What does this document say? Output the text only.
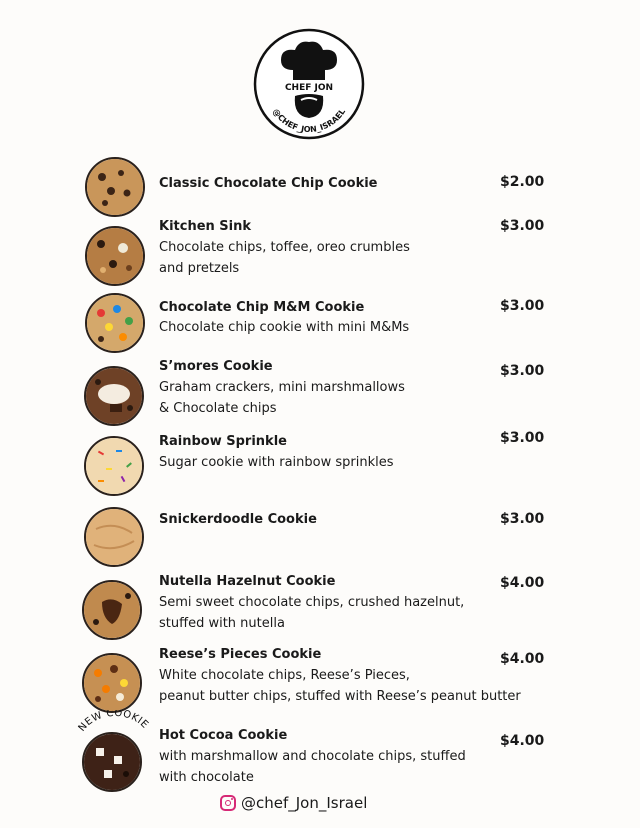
CHEF JON
@CHEF_JON_ISRAEL
Classic Chocolate Chip Cookie	$2.00
Kitchen Sink
Chocolate chips, toffee, oreo crumbles
and pretzels
$3.00
Chocolate Chip M&M Cookie
Chocolate chip cookie with mini M&Ms
$3.00
S’mores Cookie
Graham crackers, mini marshmallows
& Chocolate chips
$3.00
Rainbow Sprinkle
Sugar cookie with rainbow sprinkles
$3.00
Snickerdoodle Cookie	$3.00
Nutella Hazelnut Cookie
Semi sweet chocolate chips, crushed hazelnut,
stuffed with nutella
$4.00
Reese’s Pieces Cookie
White chocolate chips, Reese’s Pieces,
peanut butter chips, stuffed with Reese’s peanut butter
$4.00
Hot Cocoa Cookie
with marshmallow and chocolate chips, stuffed
with chocolate
$4.00
NEW COOKIE
@chef_Jon_Israel
